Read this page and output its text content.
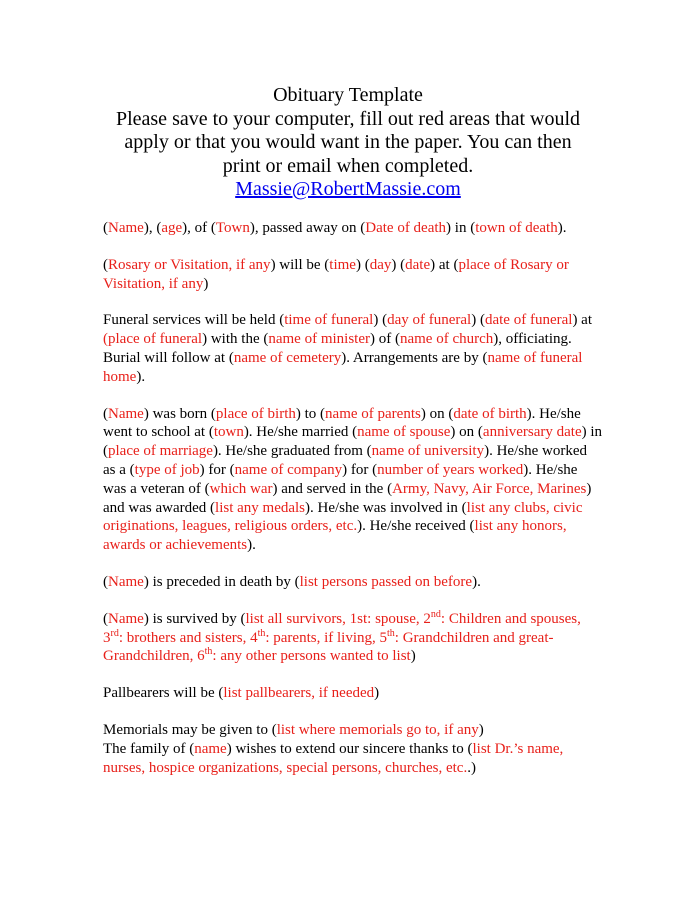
Obituary Template
Please save to your computer, fill out red areas that would
apply or that you would want in the paper. You can then
print or email when completed.
Massie@RobertMassie.com

(Name), (age), of (Town), passed away on (Date of death) in (town of death).

(Rosary or Visitation, if any) will be (time) (day) (date) at (place of Rosary or Visitation, if any)

Funeral services will be held (time of funeral) (day of funeral) (date of funeral) at (place of funeral) with the (name of minister) of (name of church), officiating. Burial will follow at (name of cemetery). Arrangements are by (name of funeral home).

(Name) was born (place of birth) to (name of parents) on (date of birth). He/she went to school at (town). He/she married (name of spouse) on (anniversary date) in (place of marriage). He/she graduated from (name of university). He/she worked as a (type of job) for (name of company) for (number of years worked). He/she was a veteran of (which war) and served in the (Army, Navy, Air Force, Marines) and was awarded (list any medals). He/she was involved in (list any clubs, civic originations, leagues, religious orders, etc.). He/she received (list any honors, awards or achievements).

(Name) is preceded in death by (list persons passed on before).

(Name) is survived by (list all survivors, 1st: spouse, 2nd: Children and spouses, 3rd: brothers and sisters, 4th: parents, if living, 5th: Grandchildren and great-Grandchildren, 6th: any other persons wanted to list)

Pallbearers will be (list pallbearers, if needed)

Memorials may be given to (list where memorials go to, if any)

The family of (name) wishes to extend our sincere thanks to (list Dr.’s name, nurses, hospice organizations, special persons, churches, etc..)
